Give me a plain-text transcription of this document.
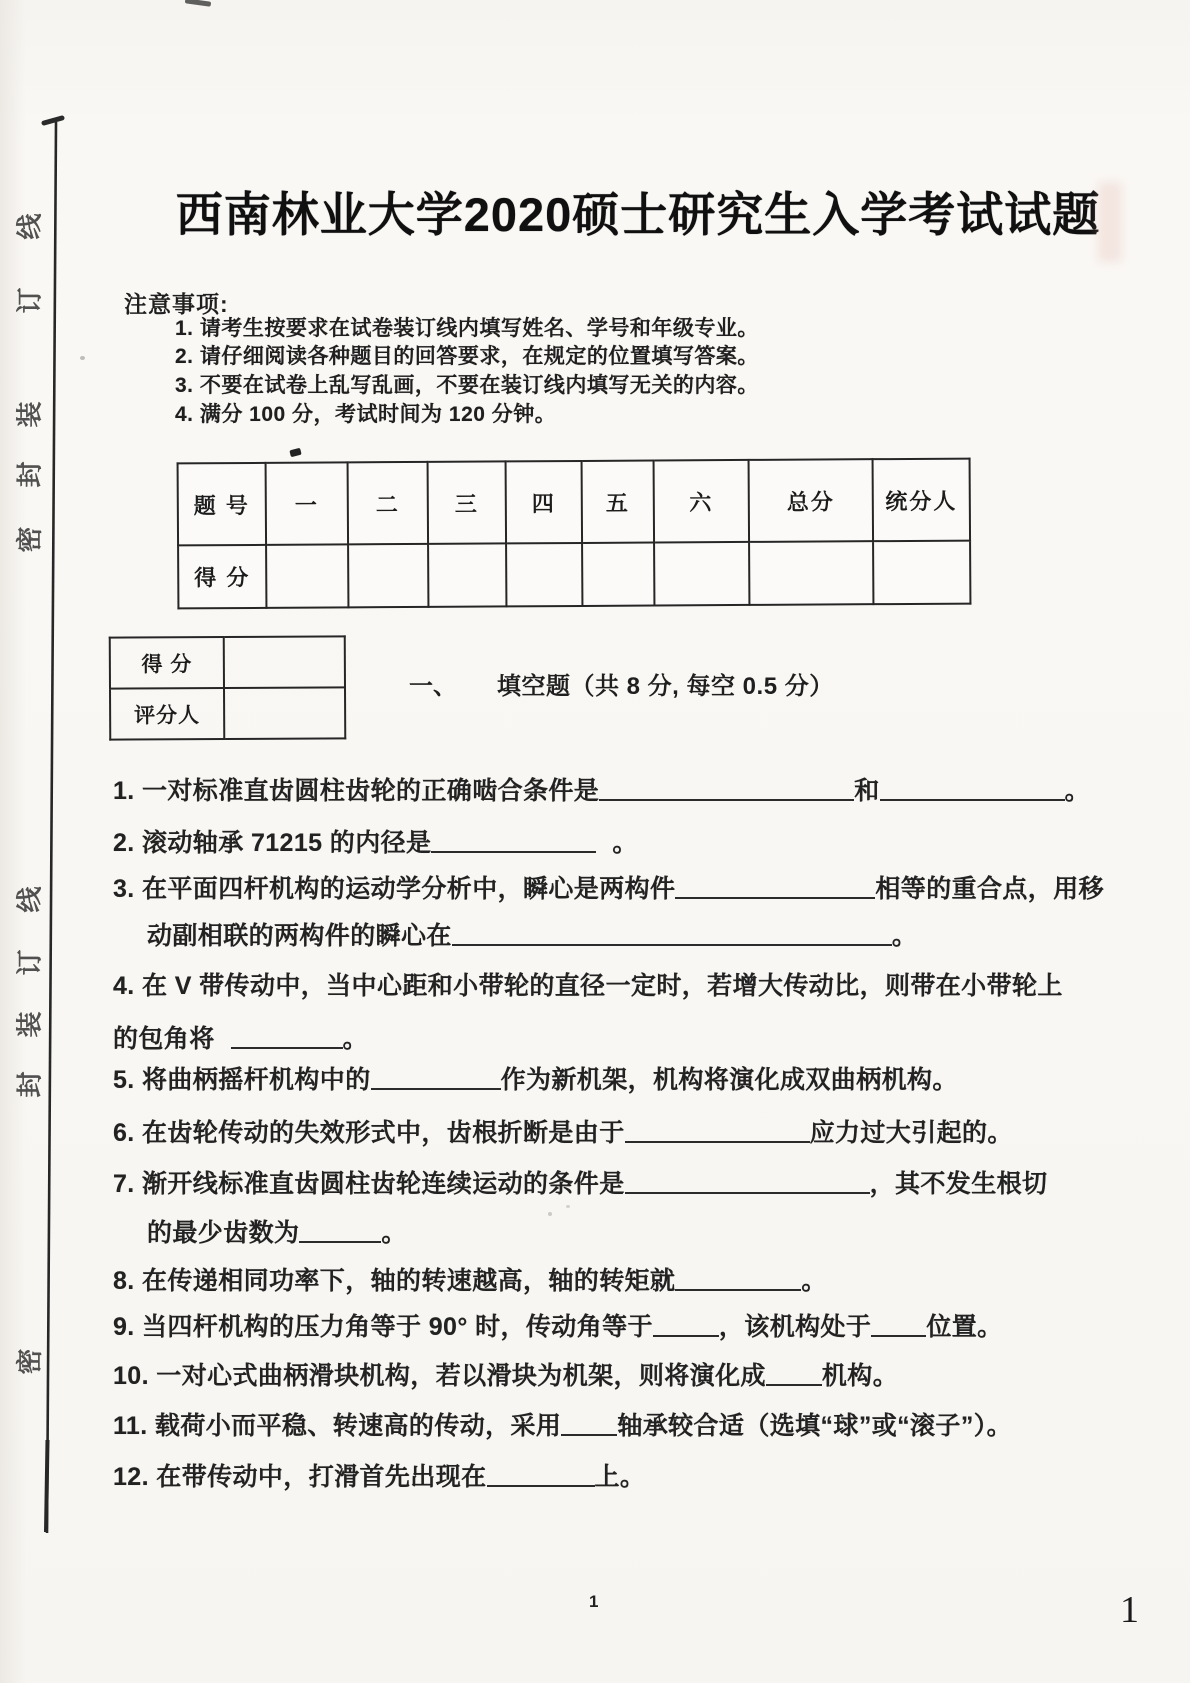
线
订
装
封
密
线
订
装
封
密
西南林业大学2020硕士研究生入学考试试题
注意事项:
1. 请考生按要求在试卷装订线内填写姓名、学号和年级专业。
2. 请仔细阅读各种题目的回答要求，在规定的位置填写答案。
3. 不要在试卷上乱写乱画，不要在装订线内填写无关的内容。
4. 满分 100 分，考试时间为 120 分钟。
题 号	一	二	三	四	五	六	总分	统分人
得 分								
得 分	
评分人	
一、 填空题（共 8 分, 每空 0.5 分）
1. 一对标准直齿圆柱齿轮的正确啮合条件是	和	。
2. 滚动轴承 71215 的内径是	。
3. 在平面四杆机构的运动学分析中，瞬心是两构件	相等的重合点，用移
动副相联的两构件的瞬心在	。
4. 在 V 带传动中，当中心距和小带轮的直径一定时，若增大传动比，则带在小带轮上
的包角将	。
5. 将曲柄摇杆机构中的	作为新机架，机构将演化成双曲柄机构。
6. 在齿轮传动的失效形式中，齿根折断是由于	应力过大引起的。
7. 渐开线标准直齿圆柱齿轮连续运动的条件是	，其不发生根切
的最少齿数为	。
8. 在传递相同功率下，轴的转速越高，轴的转矩就	。
9. 当四杆机构的压力角等于 90° 时，传动角等于	，该机构处于 位置。
10. 一对心式曲柄滑块机构，若以滑块为机架，则将演化成 机构。
11. 载荷小而平稳、转速高的传动，采用 轴承较合适（选填“球”或“滚子”）。
12. 在带传动中，打滑首先出现在	上。
1	1
